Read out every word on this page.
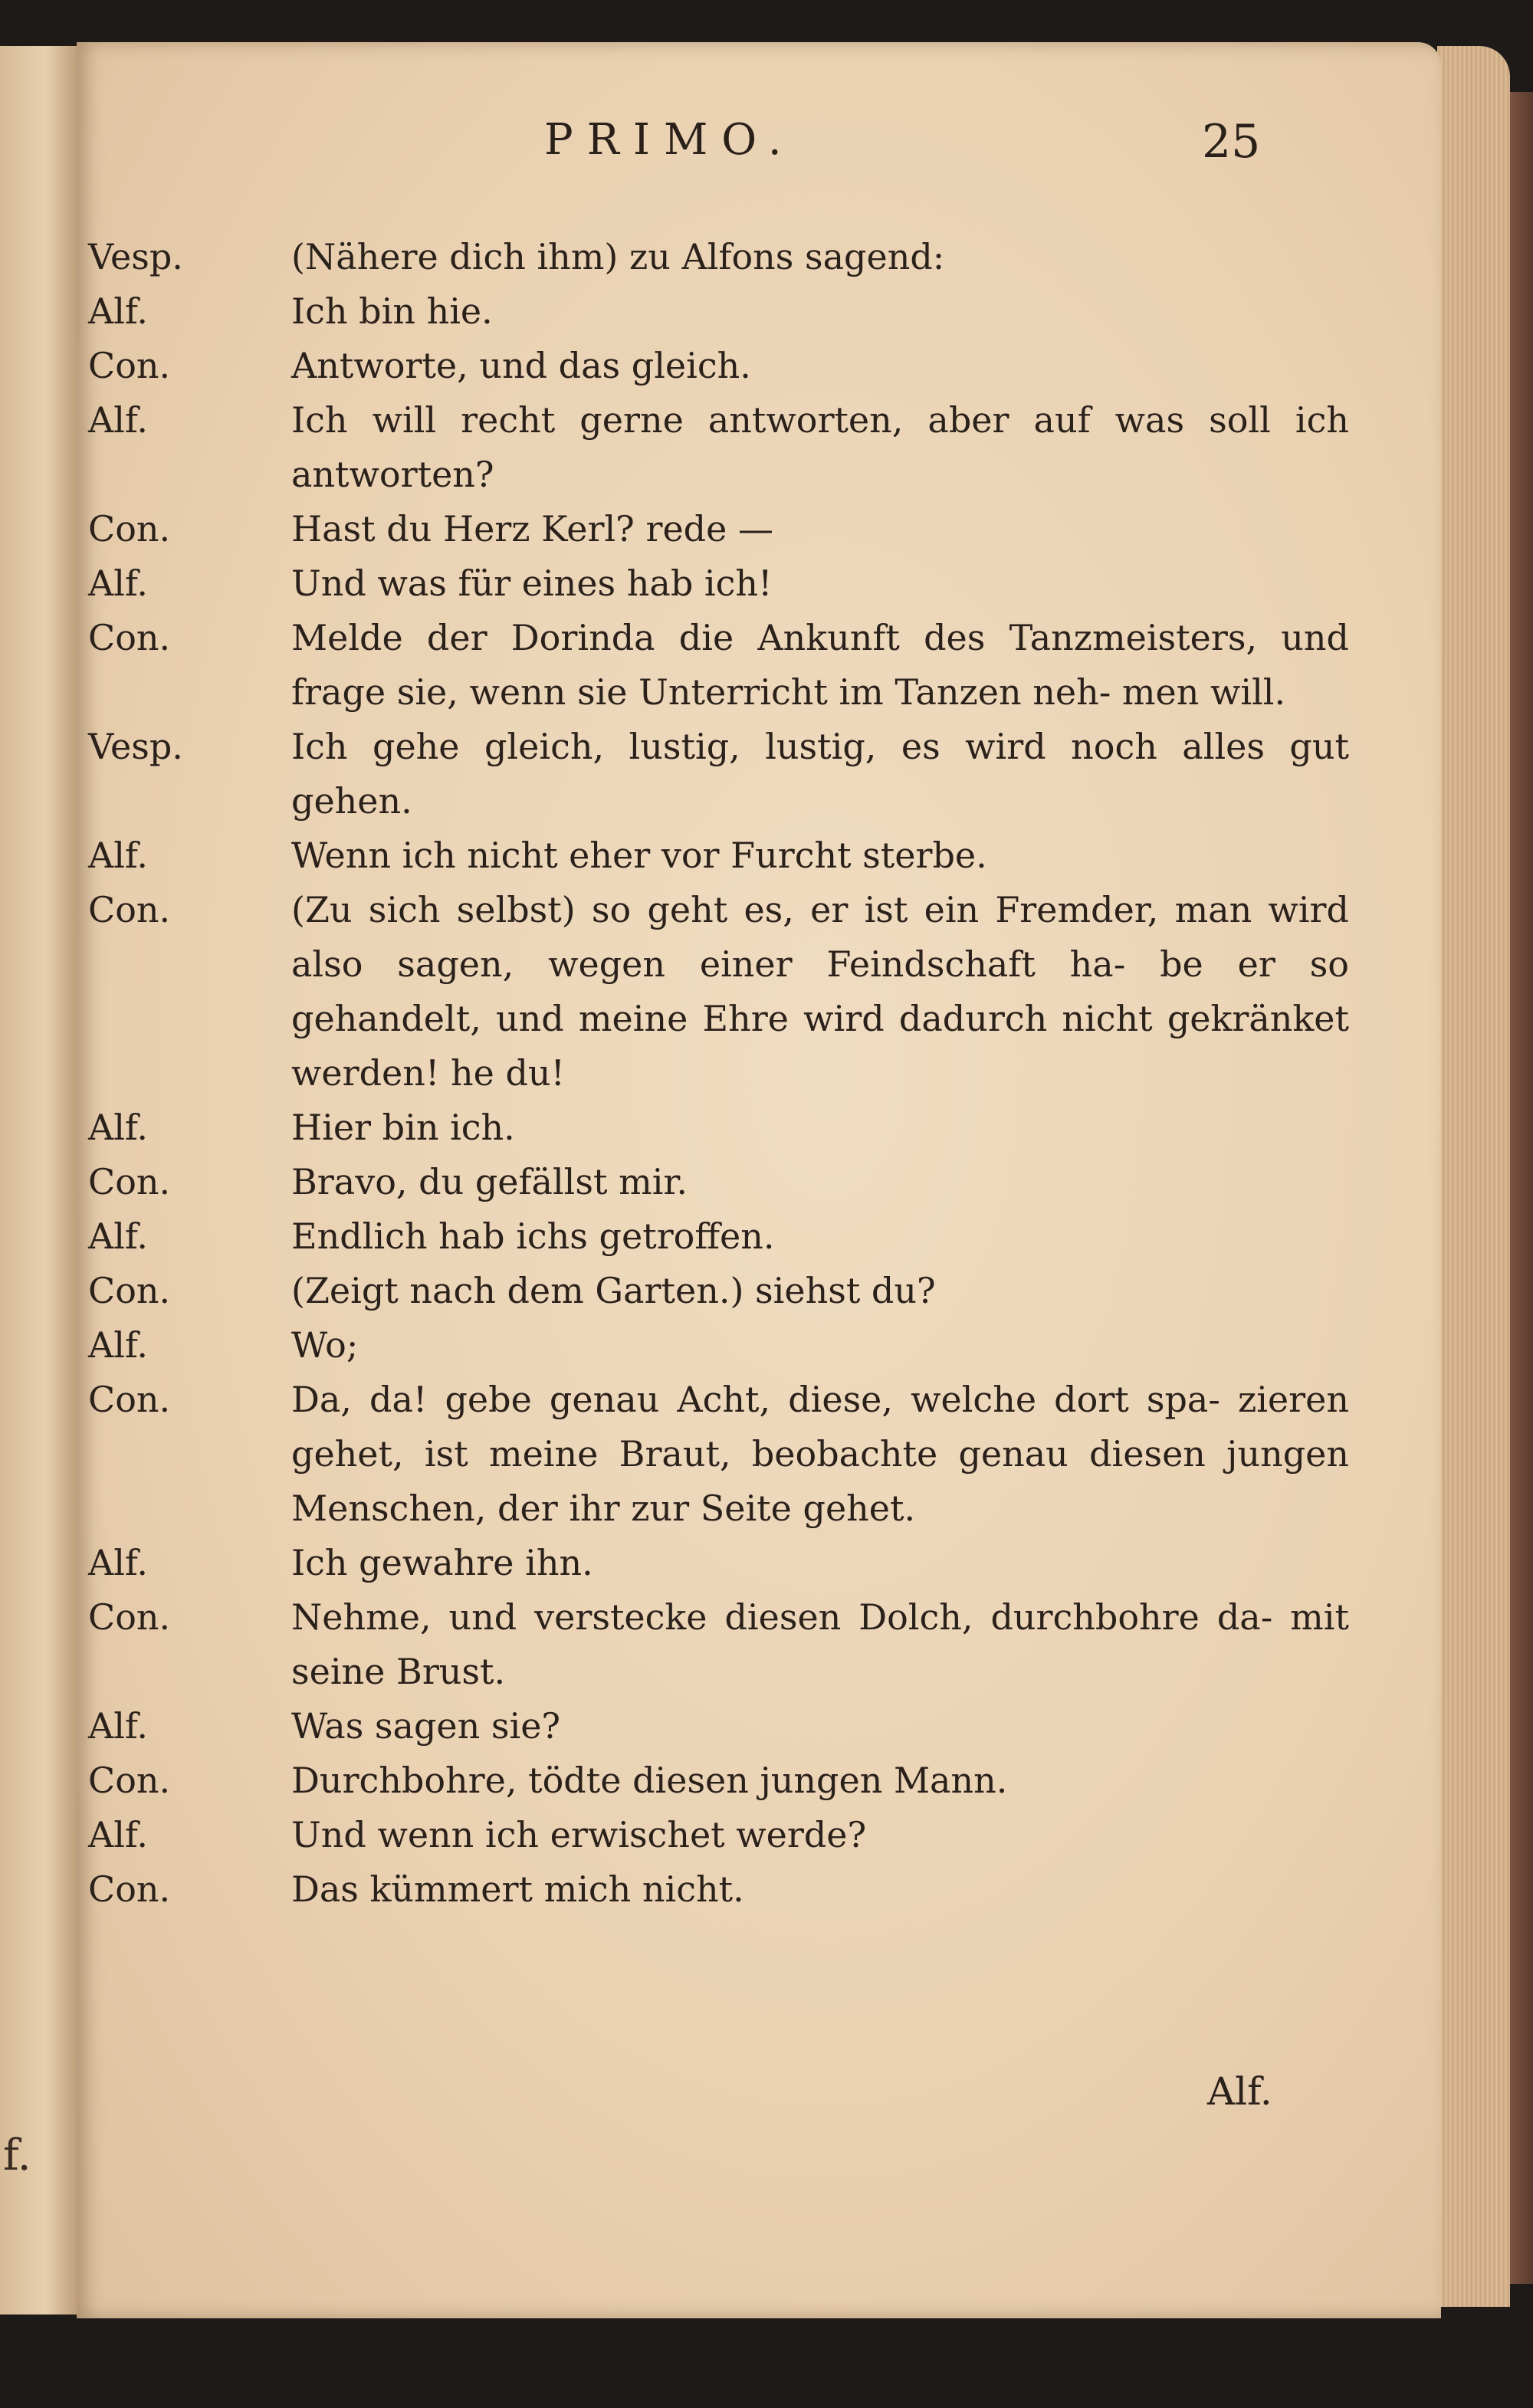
f.
PRIMO.	25
Vesp.	(Nähere dich ihm) zu Alfons sagend:
Alf.	Ich bin hie.
Con.	Antworte, und das gleich.
Alf.	Ich will recht gerne antworten, aber auf was soll ich antworten?
Con.	Hast du Herz Kerl? rede —
Alf.	Und was für eines hab ich!
Con.	Melde der Dorinda die Ankunft des Tanzmeisters, und frage sie, wenn sie Unterricht im Tanzen neh- men will.
Vesp.	Ich gehe gleich, lustig, lustig, es wird noch alles gut gehen.
Alf.	Wenn ich nicht eher vor Furcht sterbe.
Con.	(Zu sich selbst) so geht es, er ist ein Fremder, man wird also sagen, wegen einer Feindschaft ha- be er so gehandelt, und meine Ehre wird dadurch nicht gekränket werden! he du!
Alf.	Hier bin ich.
Con.	Bravo, du gefällst mir.
Alf.	Endlich hab ichs getroffen.
Con.	(Zeigt nach dem Garten.) siehst du?
Alf.	Wo;
Con.	Da, da! gebe genau Acht, diese, welche dort spa- zieren gehet, ist meine Braut, beobachte genau diesen jungen Menschen, der ihr zur Seite gehet.
Alf.	Ich gewahre ihn.
Con.	Nehme, und verstecke diesen Dolch, durchbohre da- mit seine Brust.
Alf.	Was sagen sie?
Con.	Durchbohre, tödte diesen jungen Mann.
Alf.	Und wenn ich erwischet werde?
Con.	Das kümmert mich nicht.
Alf.
